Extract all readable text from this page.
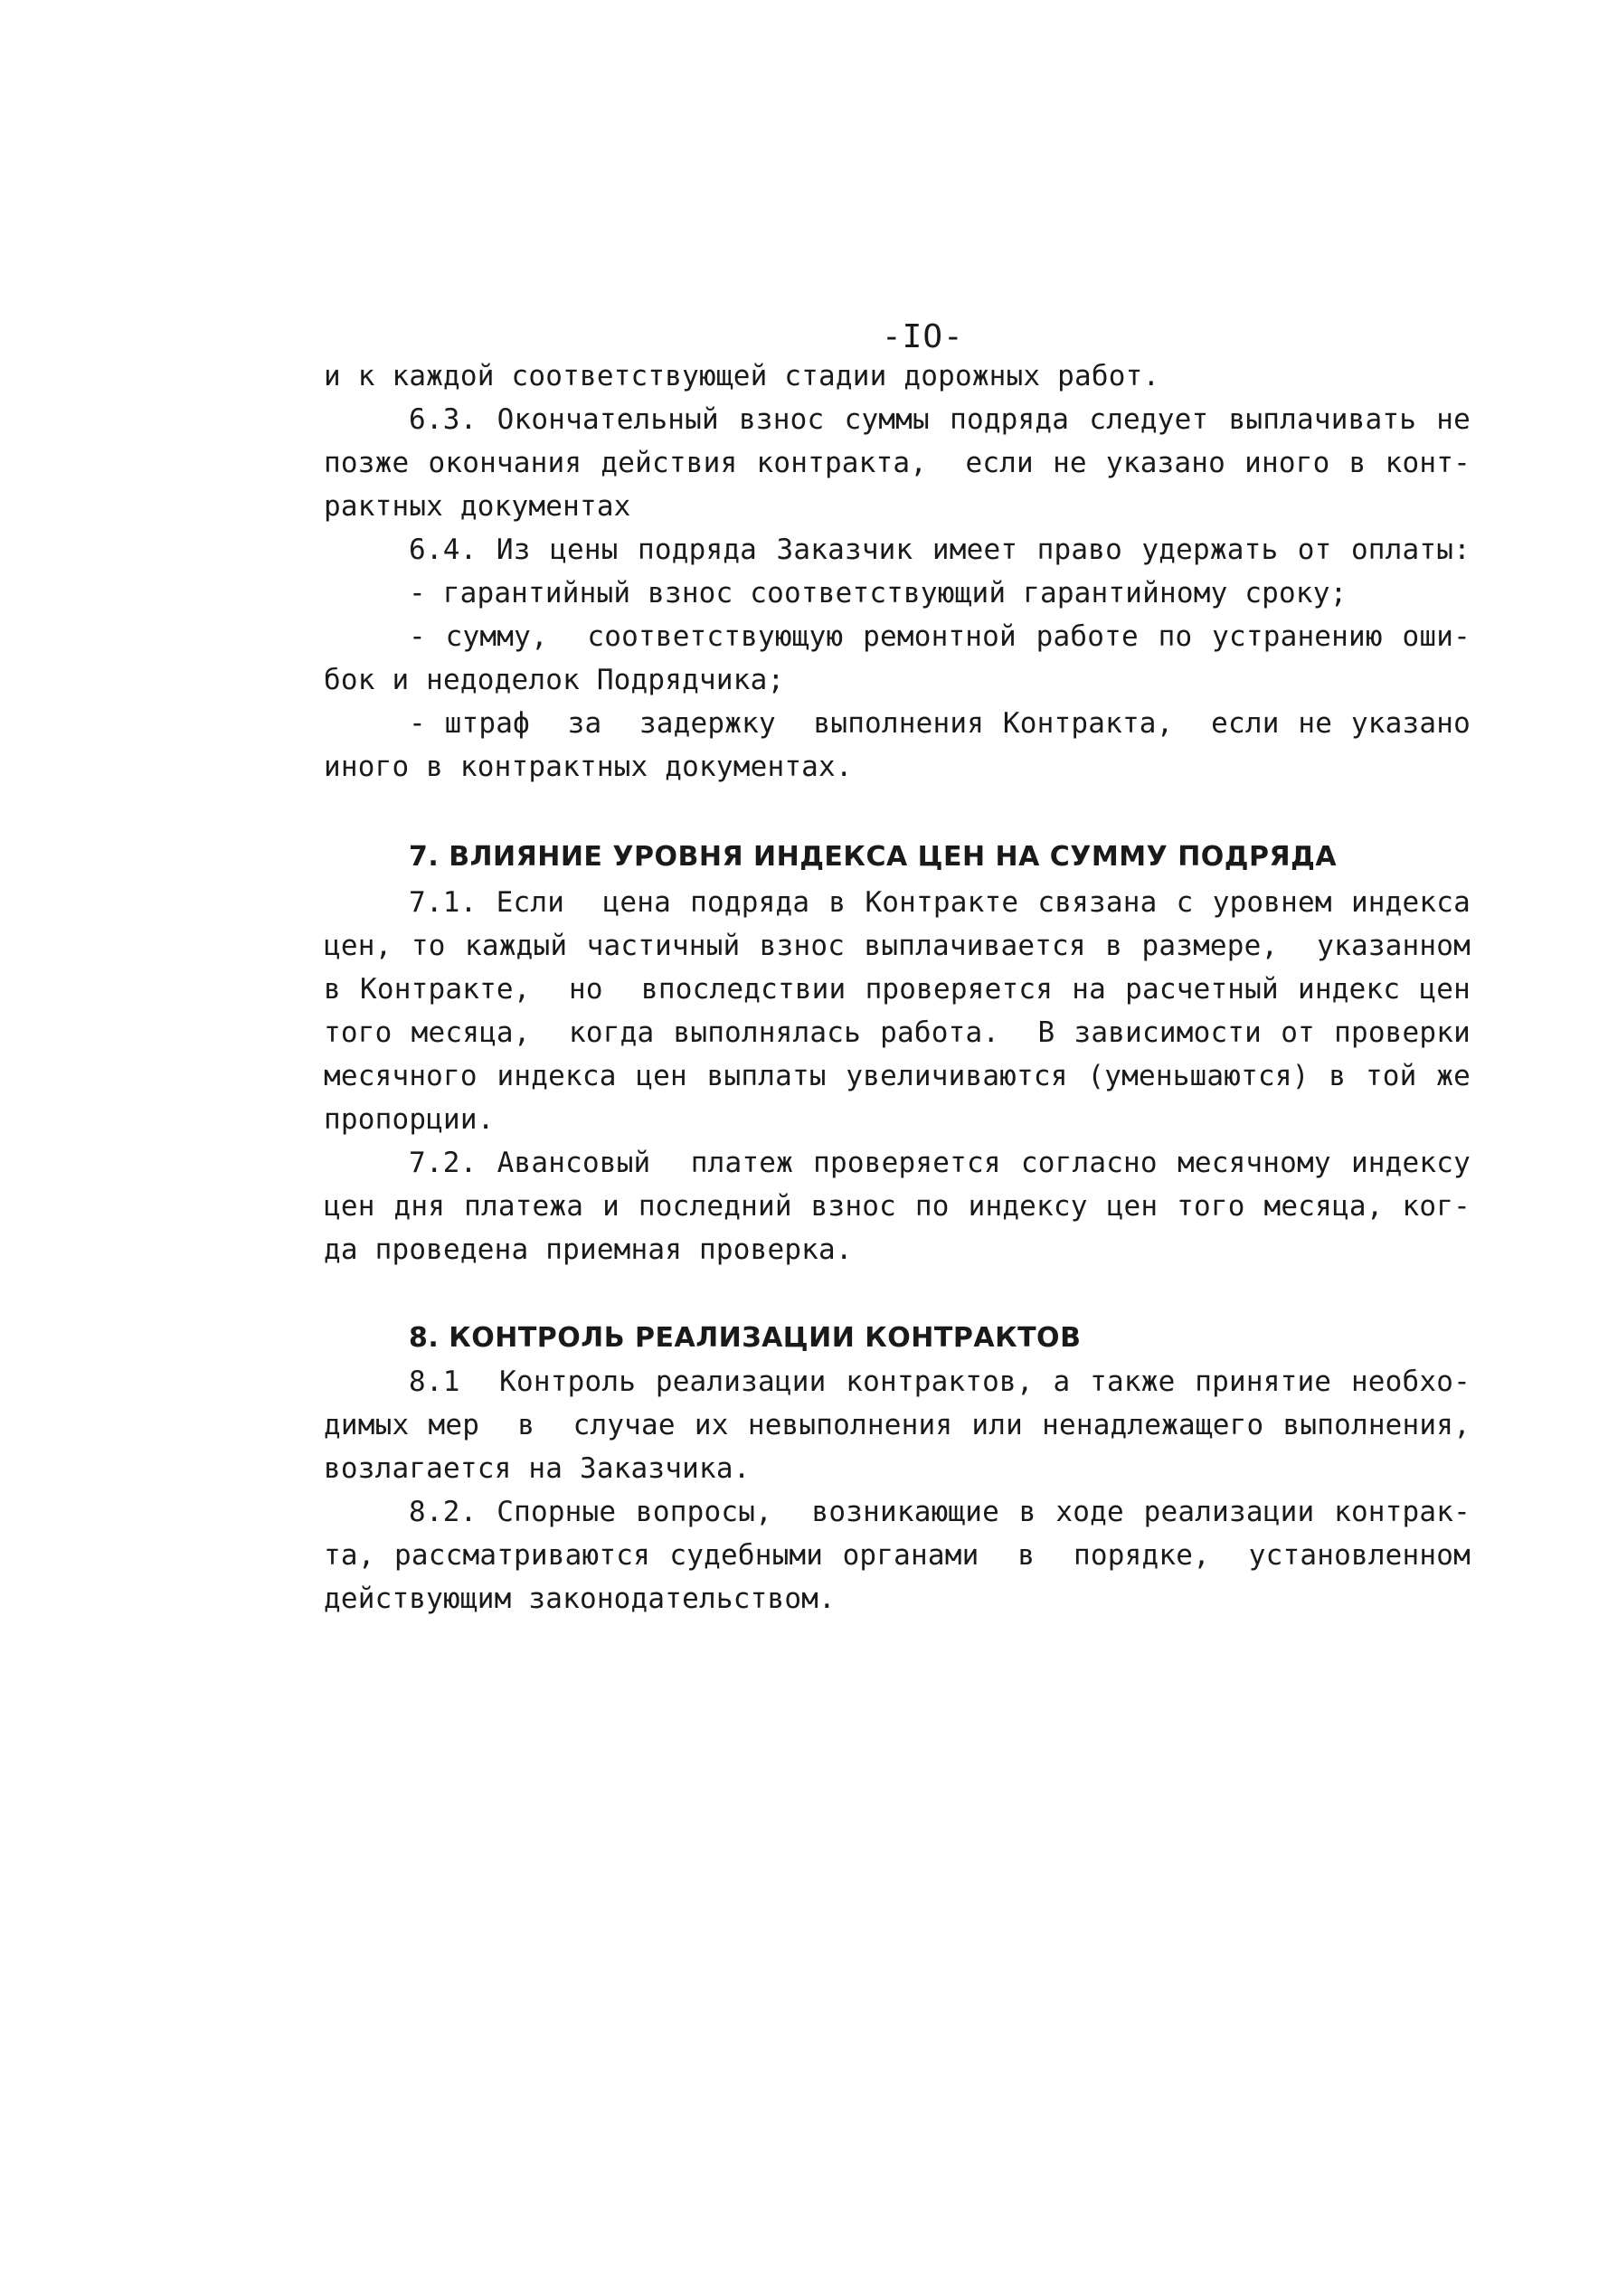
-IO-
и к каждой соответствующей стадии дорожных работ.
6.3. Окончательный взнос суммы подряда следует выплачивать не
позже окончания действия контракта,  если не указано иного в конт-
рактных документах
6.4. Из цены подряда Заказчик имеет право удержать от оплаты:
- гарантийный взнос соответствующий гарантийному сроку;
- сумму,  соответствующую ремонтной работе по устранению оши-
бок и недоделок Подрядчика;
- штраф  за  задержку  выполнения Контракта,  если не указано
иного в контрактных документах.
7. ВЛИЯНИЕ УРОВНЯ ИНДЕКСА ЦЕН НА СУММУ ПОДРЯДА
7.1. Если  цена подряда в Контракте связана с уровнем индекса
цен, то каждый частичный взнос выплачивается в размере,  указанном
в Контракте,  но  впоследствии проверяется на расчетный индекс цен
того месяца,  когда выполнялась работа.  В зависимости от проверки
месячного индекса цен выплаты увеличиваются (уменьшаются) в той же
пропорции.
7.2. Авансовый  платеж проверяется согласно месячному индексу
цен дня платежа и последний взнос по индексу цен того месяца, ког-
да проведена приемная проверка.
8. КОНТРОЛЬ РЕАЛИЗАЦИИ КОНТРАКТОВ
8.1  Контроль реализации контрактов, а также принятие необхо-
димых мер  в  случае их невыполнения или ненадлежащего выполнения,
возлагается на Заказчика.
8.2. Спорные вопросы,  возникающие в ходе реализации контрак-
та, рассматриваются судебными органами  в  порядке,  установленном
действующим законодательством.
